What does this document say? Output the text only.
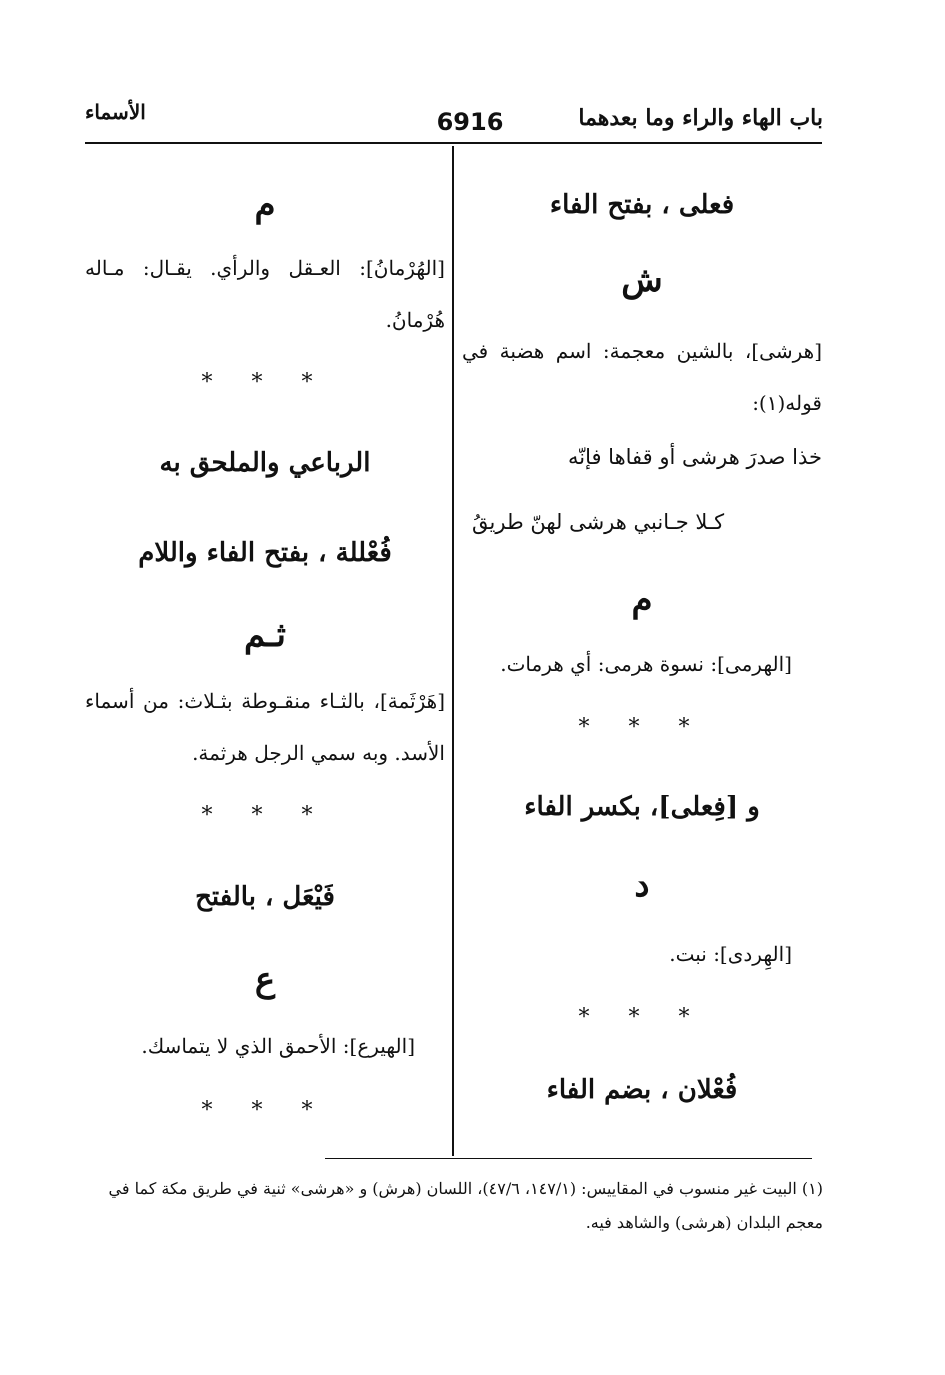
الأسماء	6916	باب الهاء والراء وما بعدهما
فعلى ، بفتح الفاء
ش
[هرشى]، بالشين معجمة: اسم هضبة في قوله(١):
خذا صدرَ هرشى أو قفاها فإنّه
كـلا جـانبي هرشى لهنّ طريقُ
م
[الهرمى]: نسوة هرمى: أي هرمات.
* * *
و [فِعلى]، بكسر الفاء
د
[الهِردى]: نبت.
* * *
فُعْلان ، بضم الفاء
م
[الهُرْمانُ]: العـقل والرأي. يقـال: مـاله هُرْمانُ.
* * *
الرباعي والملحق به
فُعْللة ، بفتح الفاء واللام
ثـم
[هَرْثَمة]، بالثـاء منقـوطة بثـلاث: من أسماء الأسد. وبه سمي الرجل هرثمة.
* * *
فَيْعَل ، بالفتح
ع
[الهيرع]: الأحمق الذي لا يتماسك.
* * *
(١) البيت غير منسوب في المقاييس: (١٤٧/١، ٤٧/٦)، اللسان (هرش) و «هرشى» ثنية في طريق مكة كما في معجم البلدان (هرشى) والشاهد فيه.
